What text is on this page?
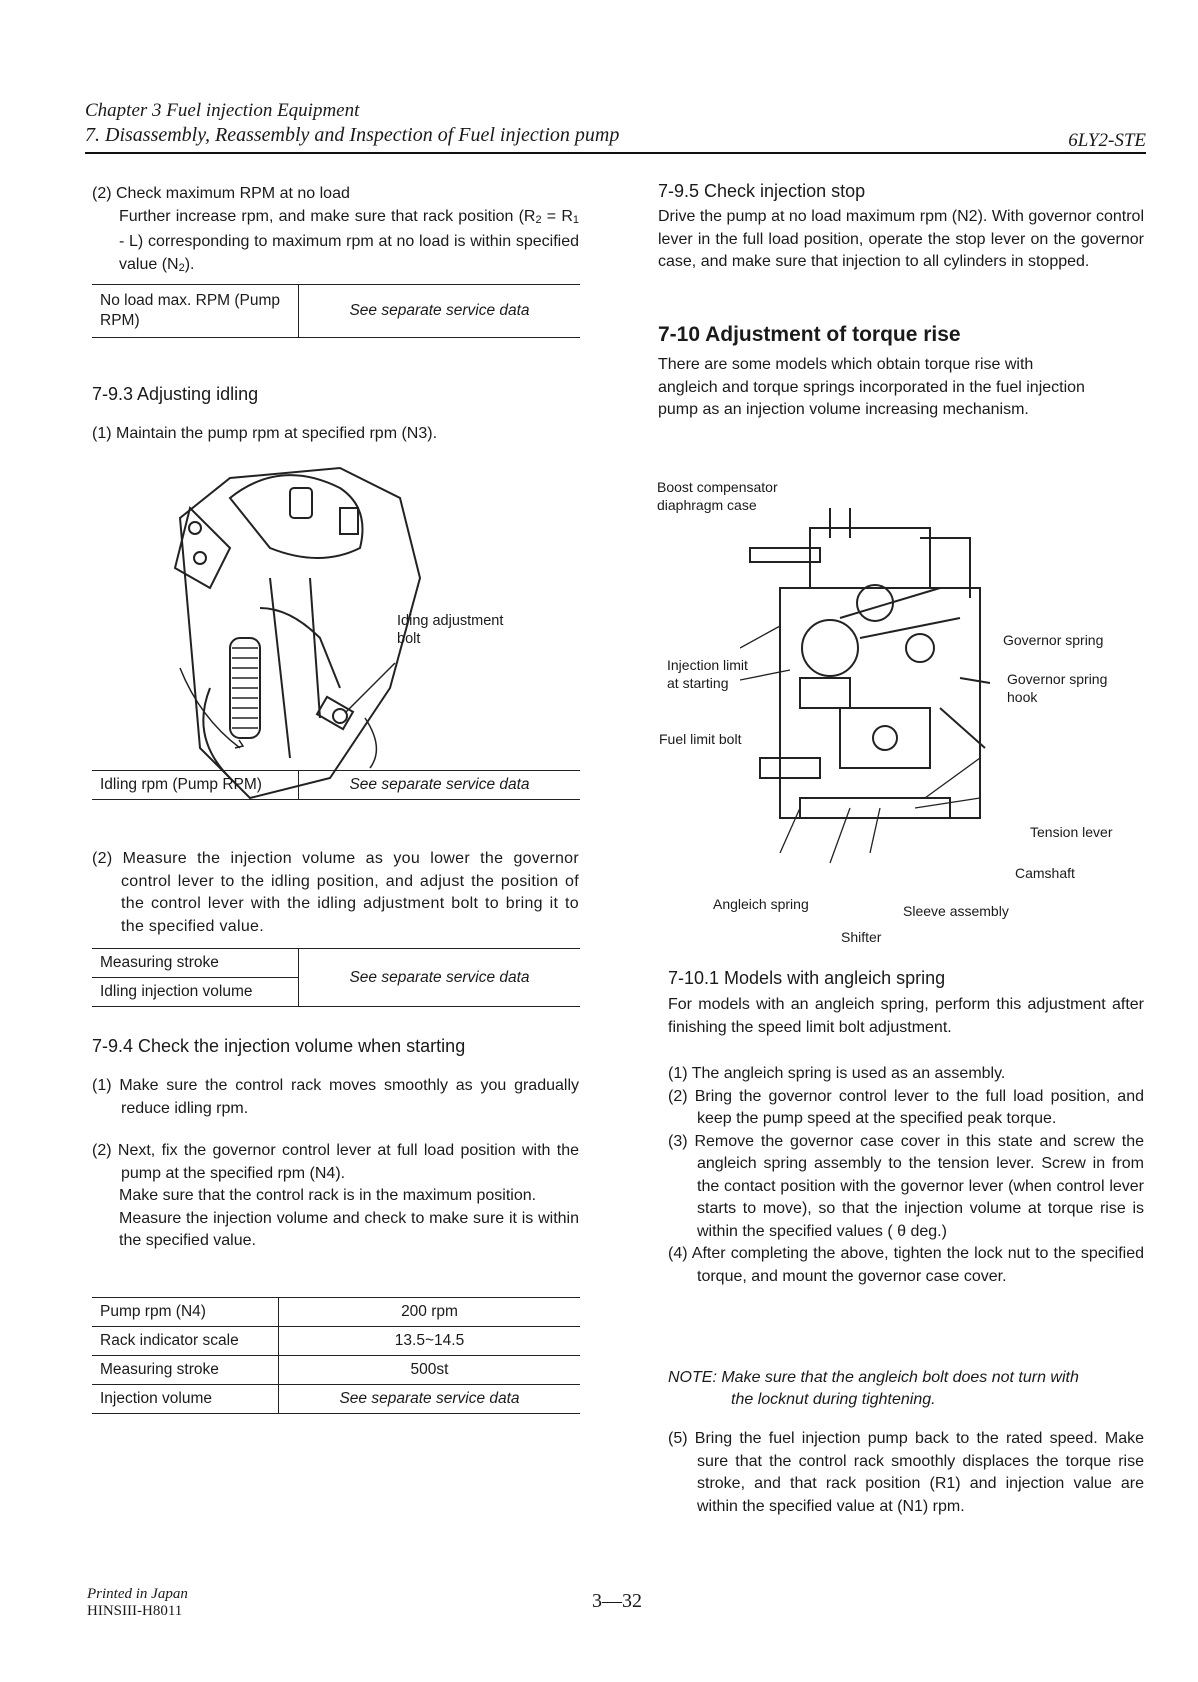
Chapter 3 Fuel injection Equipment
7. Disassembly, Reassembly and Inspection of Fuel injection pump	6LY2-STE

(2) Check maximum RPM at no load

Further increase rpm, and make sure that rack position (R2 = R1 - L) corresponding to maximum rpm at no load is within specified value (N2).

No load max. RPM (Pump RPM)	See separate service data
7-9.3 Adjusting idling
(1) Maintain the pump rpm at specified rpm (N3).
Iding adjustment bolt
Idling rpm (Pump RPM)	See separate service data

(2) Measure the injection volume as you lower the governor control lever to the idling position, and adjust the position of the control lever with the idling adjustment bolt to bring it to the specified value.

Measuring stroke	See separate service data
Idling injection volume
7-9.4 Check the injection volume when starting

(1) Make sure the control rack moves smoothly as you gradually reduce idling rpm.

(2) Next, fix the governor control lever at full load position with the pump at the specified rpm (N4).

Make sure that the control rack is in the maximum position.

Measure the injection volume and check to make sure it is within the specified value.

Pump rpm (N4)	200 rpm
Rack indicator scale	13.5~14.5
Measuring stroke	500st
Injection volume	See separate service data
7-9.5 Check injection stop

Drive the pump at no load maximum rpm (N2). With governor control lever in the full load position, operate the stop lever on the governor case, and make sure that injection to all cylinders in stopped.

7-10 Adjustment of torque rise

There are some models which obtain torque rise with angleich and torque springs incorporated in the fuel injection pump as an injection volume increasing mechanism.

Boost compensator
diaphragm case
Governor spring
Injection limit
at starting	Governor spring
hook
Fuel limit bolt
Tension lever
Camshaft
Angleich spring	Sleeve assembly
Shifter
7-10.1 Models with angleich spring

For models with an angleich spring, perform this adjustment after finishing the speed limit bolt adjustment.

(1) The angleich spring is used as an assembly.

(2) Bring the governor control lever to the full load position, and keep the pump speed at the specified peak torque.

(3) Remove the governor case cover in this state and screw the angleich spring assembly to the tension lever. Screw in from the contact position with the governor lever (when control lever starts to move), so that the injection volume at torque rise is within the specified values ( θ deg.)

(4) After completing the above, tighten the lock nut to the specified torque, and mount the governor case cover.

NOTE: Make sure that the angleich bolt does not turn with
the locknut during tightening.

(5) Bring the fuel injection pump back to the rated speed. Make sure that the control rack smoothly displaces the torque rise stroke, and that rack position (R1) and injection value are within the specified value at (N1) rpm.

Printed in Japan
HINSIII-H8011	3—32
